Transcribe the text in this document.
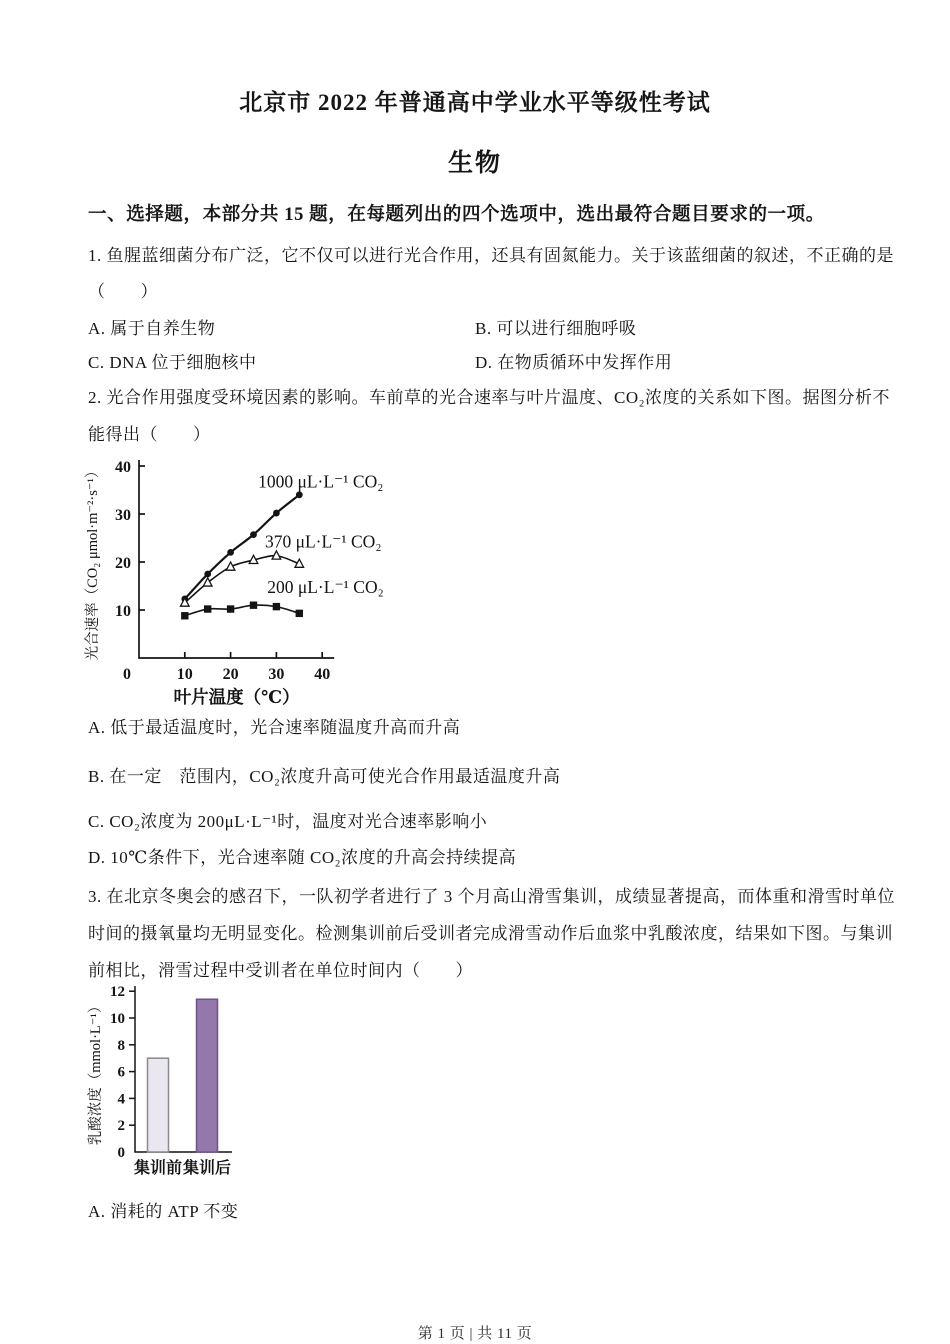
北京市 2022 年普通高中学业水平等级性考试
生物
一、选择题，本部分共 15 题，在每题列出的四个选项中，选出最符合题目要求的一项。
1. 鱼腥蓝细菌分布广泛，它不仅可以进行光合作用，还具有固氮能力。关于该蓝细菌的叙述，不正确的是
（　　）
A. 属于自养生物	B. 可以进行细胞呼吸
C. DNA 位于细胞核中	D. 在物质循环中发挥作用
2. 光合作用强度受环境因素的影响。车前草的光合速率与叶片温度、CO₂浓度的关系如下图。据图分析不
能得出（　　）
10
20
30
40
10 20 30 40
0
叶片温度（℃）
光合速率（CO₂ μmol·m⁻²·s⁻¹）	1000 μL·L⁻¹ CO₂
370 μL·L⁻¹ CO₂
200 μL·L⁻¹ CO₂
A. 低于最适温度时，光合速率随温度升高而升高
B. 在一定　范围内，CO₂浓度升高可使光合作用最适温度升高
C. CO₂浓度为 200μL·L⁻¹时，温度对光合速率影响小
D. 10℃条件下，光合速率随 CO₂浓度的升高会持续提高
3. 在北京冬奥会的感召下，一队初学者进行了 3 个月高山滑雪集训，成绩显著提高，而体重和滑雪时单位
时间的摄氧量均无明显变化。检测集训前后受训者完成滑雪动作后血浆中乳酸浓度，结果如下图。与集训
前相比，滑雪过程中受训者在单位时间内（　　）
0
2
4
6
8
10
12
集训前 集训后
乳酸浓度（mmol·L⁻¹）
A. 消耗的 ATP 不变
第 1 页 | 共 11 页
